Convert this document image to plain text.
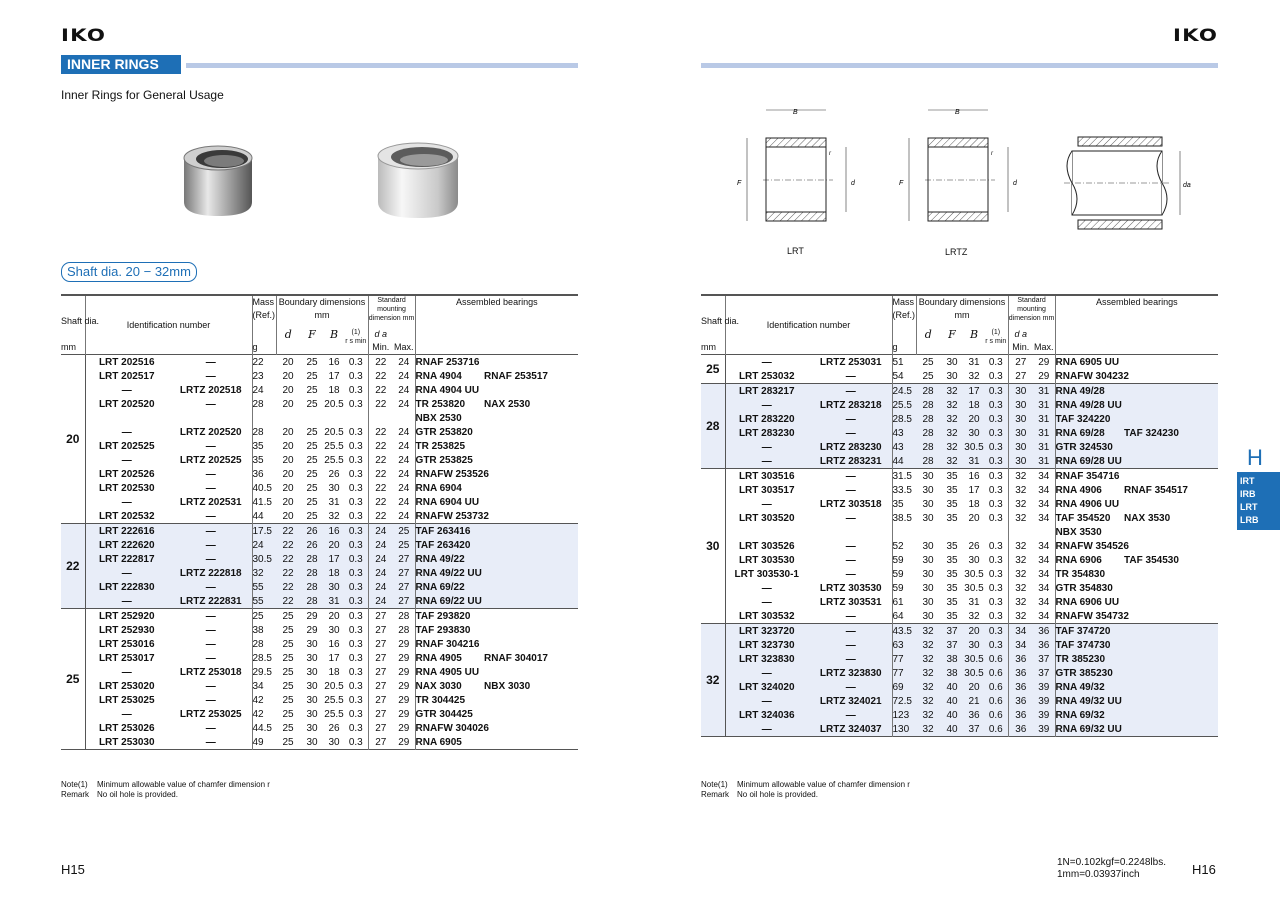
IKO
INNER RINGS
Inner Rings for General Usage
Shaft dia. 20 − 32mm
Shaft dia.

mm	Identification number		Mass (Ref.)	Boundary dimensions mm				Standard mounting dimension mm		Assembled bearings	
			g	d	F	B	(1)
r s min	d a
Min.	Max.		
20	LRT 202516	—	22	20	25	16	0.3	22	24	RNAF 253716	
	LRT 202517	—	23	20	25	17	0.3	22	24	RNA 4904	RNAF 253517
	—	LRTZ 202518	24	20	25	18	0.3	22	24	RNA 4904 UU	
	LRT 202520	—	28	20	25	20.5	0.3	22	24	TR 253820	NAX 2530
										NBX 2530	
	—	LRTZ 202520	28	20	25	20.5	0.3	22	24	GTR 253820	
	LRT 202525	—	35	20	25	25.5	0.3	22	24	TR 253825	
	—	LRTZ 202525	35	20	25	25.5	0.3	22	24	GTR 253825	
	LRT 202526	—	36	20	25	26	0.3	22	24	RNAFW 253526	
	LRT 202530	—	40.5	20	25	30	0.3	22	24	RNA 6904	
	—	LRTZ 202531	41.5	20	25	31	0.3	22	24	RNA 6904 UU	
	LRT 202532	—	44	20	25	32	0.3	22	24	RNAFW 253732	
22	LRT 222616	—	17.5	22	26	16	0.3	24	25	TAF 263416	
	LRT 222620	—	24	22	26	20	0.3	24	25	TAF 263420	
	LRT 222817	—	30.5	22	28	17	0.3	24	27	RNA 49/22	
	—	LRTZ 222818	32	22	28	18	0.3	24	27	RNA 49/22 UU	
	LRT 222830	—	55	22	28	30	0.3	24	27	RNA 69/22	
	—	LRTZ 222831	55	22	28	31	0.3	24	27	RNA 69/22 UU	
25	LRT 252920	—	25	25	29	20	0.3	27	28	TAF 293820	
	LRT 252930	—	38	25	29	30	0.3	27	28	TAF 293830	
	LRT 253016	—	28	25	30	16	0.3	27	29	RNAF 304216	
	LRT 253017	—	28.5	25	30	17	0.3	27	29	RNA 4905	RNAF 304017
	—	LRTZ 253018	29.5	25	30	18	0.3	27	29	RNA 4905 UU	
	LRT 253020	—	34	25	30	20.5	0.3	27	29	NAX 3030	NBX 3030
	LRT 253025	—	42	25	30	25.5	0.3	27	29	TR 304425	
	—	LRTZ 253025	42	25	30	25.5	0.3	27	29	GTR 304425	
	LRT 253026	—	44.5	25	30	26	0.3	27	29	RNAFW 304026	
	LRT 253030	—	49	25	30	30	0.3	27	29	RNA 6905	
Note(1) Minimum allowable value of chamfer dimension r
Remark No oil hole is provided.
H15
IKO
B
F	d
r
LRT
B
F	d
r
LRTZ
da
Shaft dia.

mm	Identification number		Mass (Ref.)	Boundary dimensions mm				Standard mounting dimension mm		Assembled bearings	
			g	d	F	B	(1)
r s min	d a
Min.	Max.		
25	—	LRTZ 253031	51	25	30	31	0.3	27	29	RNA 6905 UU	
	LRT 253032	—	54	25	30	32	0.3	27	29	RNAFW 304232	
28	LRT 283217	—	24.5	28	32	17	0.3	30	31	RNA 49/28	
	—	LRTZ 283218	25.5	28	32	18	0.3	30	31	RNA 49/28 UU	
	LRT 283220	—	28.5	28	32	20	0.3	30	31	TAF 324220	
	LRT 283230	—	43	28	32	30	0.3	30	31	RNA 69/28	TAF 324230
	—	LRTZ 283230	43	28	32	30.5	0.3	30	31	GTR 324530	
	—	LRTZ 283231	44	28	32	31	0.3	30	31	RNA 69/28 UU	
30	LRT 303516	—	31.5	30	35	16	0.3	32	34	RNAF 354716	
	LRT 303517	—	33.5	30	35	17	0.3	32	34	RNA 4906	RNAF 354517
	—	LRTZ 303518	35	30	35	18	0.3	32	34	RNA 4906 UU	
	LRT 303520	—	38.5	30	35	20	0.3	32	34	TAF 354520	NAX 3530
										NBX 3530	
	LRT 303526	—	52	30	35	26	0.3	32	34	RNAFW 354526	
	LRT 303530	—	59	30	35	30	0.3	32	34	RNA 6906	TAF 354530
	LRT 303530-1	—	59	30	35	30.5	0.3	32	34	TR 354830	
	—	LRTZ 303530	59	30	35	30.5	0.3	32	34	GTR 354830	
	—	LRTZ 303531	61	30	35	31	0.3	32	34	RNA 6906 UU	
	LRT 303532	—	64	30	35	32	0.3	32	34	RNAFW 354732	
32	LRT 323720	—	43.5	32	37	20	0.3	34	36	TAF 374720	
	LRT 323730	—	63	32	37	30	0.3	34	36	TAF 374730	
	LRT 323830	—	77	32	38	30.5	0.6	36	37	TR 385230	
	—	LRTZ 323830	77	32	38	30.5	0.6	36	37	GTR 385230	
	LRT 324020	—	69	32	40	20	0.6	36	39	RNA 49/32	
	—	LRTZ 324021	72.5	32	40	21	0.6	36	39	RNA 49/32 UU	
	LRT 324036	—	123	32	40	36	0.6	36	39	RNA 69/32	
	—	LRTZ 324037	130	32	40	37	0.6	36	39	RNA 69/32 UU	
Note(1) Minimum allowable value of chamfer dimension r
Remark No oil hole is provided.
1N=0.102kgf=0.2248lbs.
1mm=0.03937inch	H16
H
IRT
IRB
LRT
LRB
